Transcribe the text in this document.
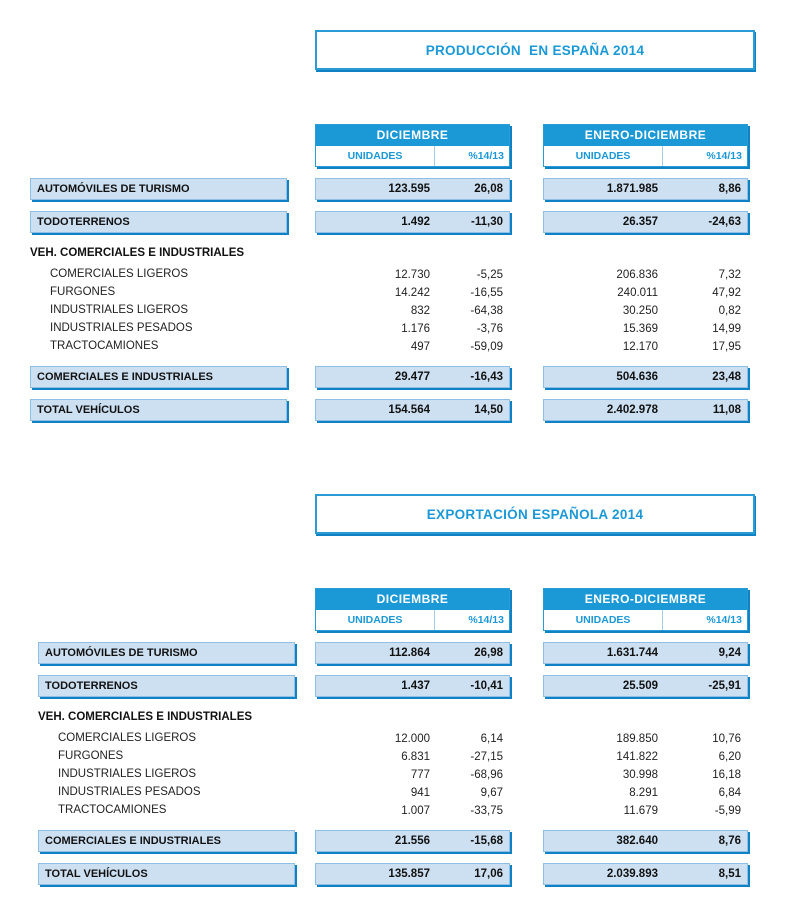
PRODUCCIÓN  EN ESPAÑA 2014
DICIEMBRE
UNIDADES	%14/13
ENERO-DICIEMBRE
UNIDADES	%14/13
AUTOMÓVILES DE TURISMO	123.595	26,08	1.871.985	8,86
TODOTERRENOS	1.492	-11,30	26.357	-24,63
VEH. COMERCIALES E INDUSTRIALES
COMERCIALES LIGEROS	12.730	-5,25	206.836	7,32
FURGONES	14.242	-16,55	240.011	47,92
INDUSTRIALES LIGEROS	832	-64,38	30.250	0,82
INDUSTRIALES PESADOS	1.176	-3,76	15.369	14,99
TRACTOCAMIONES	497	-59,09	12.170	17,95
COMERCIALES E INDUSTRIALES	29.477	-16,43	504.636	23,48
TOTAL VEHÍCULOS	154.564	14,50	2.402.978	11,08
EXPORTACIÓN ESPAÑOLA 2014
DICIEMBRE
UNIDADES	%14/13
ENERO-DICIEMBRE
UNIDADES	%14/13
AUTOMÓVILES DE TURISMO	112.864	26,98	1.631.744	9,24
TODOTERRENOS	1.437	-10,41	25.509	-25,91
VEH. COMERCIALES E INDUSTRIALES
COMERCIALES LIGEROS	12.000	6,14	189.850	10,76
FURGONES	6.831	-27,15	141.822	6,20
INDUSTRIALES LIGEROS	777	-68,96	30.998	16,18
INDUSTRIALES PESADOS	941	9,67	8.291	6,84
TRACTOCAMIONES	1.007	-33,75	11.679	-5,99
COMERCIALES E INDUSTRIALES	21.556	-15,68	382.640	8,76
TOTAL VEHÍCULOS	135.857	17,06	2.039.893	8,51
